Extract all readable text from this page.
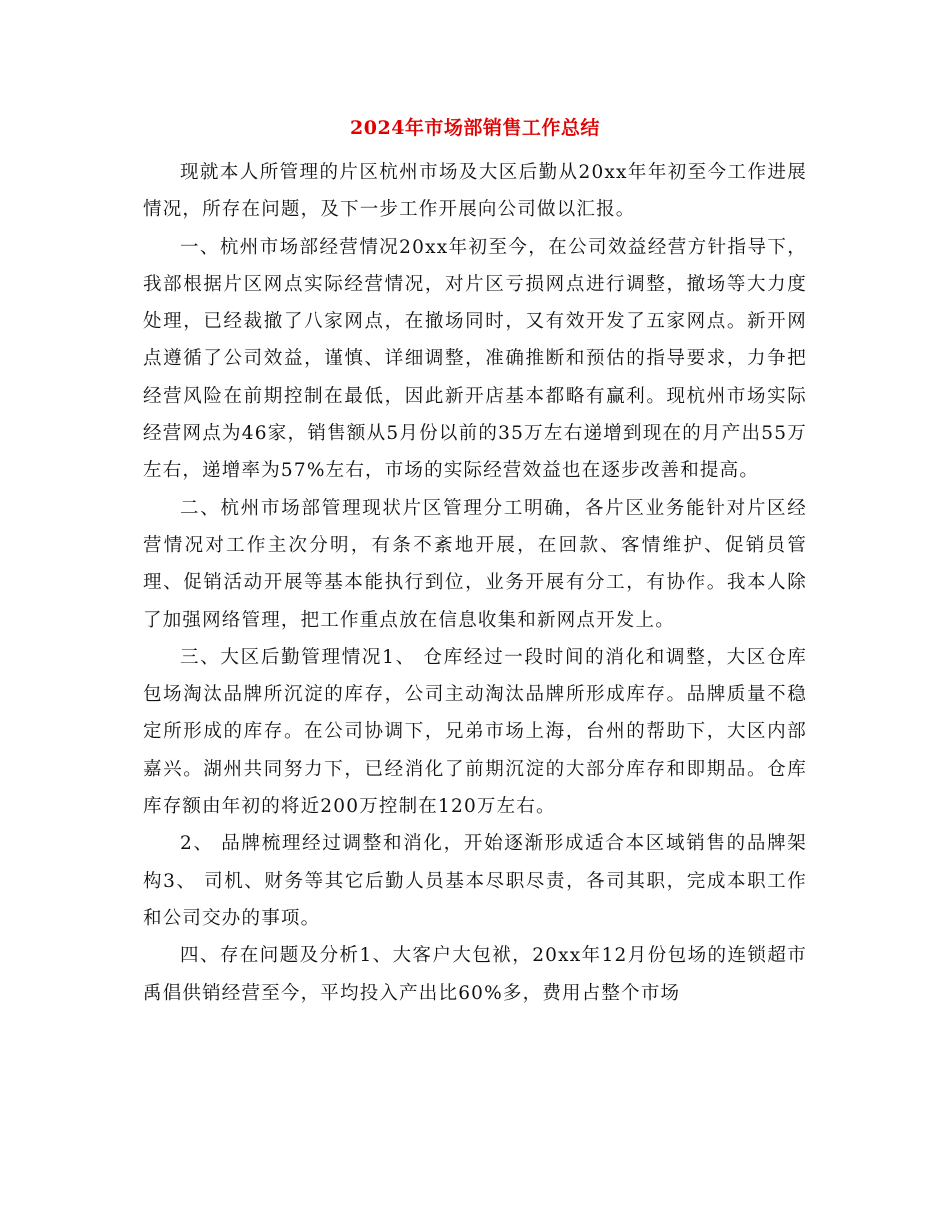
2024年市场部销售工作总结

现就本人所管理的片区杭州市场及大区后勤从20xx年年初至今工作进展情况，所存在问题，及下一步工作开展向公司做以汇报。

一、杭州市场部经营情况20xx年初至今，在公司效益经营方针指导下，我部根据片区网点实际经营情况，对片区亏损网点进行调整，撤场等大力度处理，已经裁撤了八家网点，在撤场同时，又有效开发了五家网点。新开网点遵循了公司效益，谨慎、详细调整，准确推断和预估的指导要求，力争把经营风险在前期控制在最低，因此新开店基本都略有赢利。现杭州市场实际经营网点为46家，销售额从5月份以前的35万左右递增到现在的月产出55万左右，递增率为57%左右，市场的实际经营效益也在逐步改善和提高。

二、杭州市场部管理现状片区管理分工明确，各片区业务能针对片区经营情况对工作主次分明，有条不紊地开展，在回款、客情维护、促销员管理、促销活动开展等基本能执行到位，业务开展有分工，有协作。我本人除了加强网络管理，把工作重点放在信息收集和新网点开发上。

三、大区后勤管理情况1、 仓库经过一段时间的消化和调整，大区仓库包场淘汰品牌所沉淀的库存，公司主动淘汰品牌所形成库存。品牌质量不稳定所形成的库存。在公司协调下，兄弟市场上海，台州的帮助下，大区内部嘉兴。湖州共同努力下，已经消化了前期沉淀的大部分库存和即期品。仓库库存额由年初的将近200万控制在120万左右。

2、 品牌梳理经过调整和消化，开始逐渐形成适合本区域销售的品牌架构3、 司机、财务等其它后勤人员基本尽职尽责，各司其职，完成本职工作和公司交办的事项。

四、存在问题及分析1、大客户大包袱，20xx年12月份包场的连锁超市禹倡供销经营至今，平均投入产出比60%多，费用占整个市场
